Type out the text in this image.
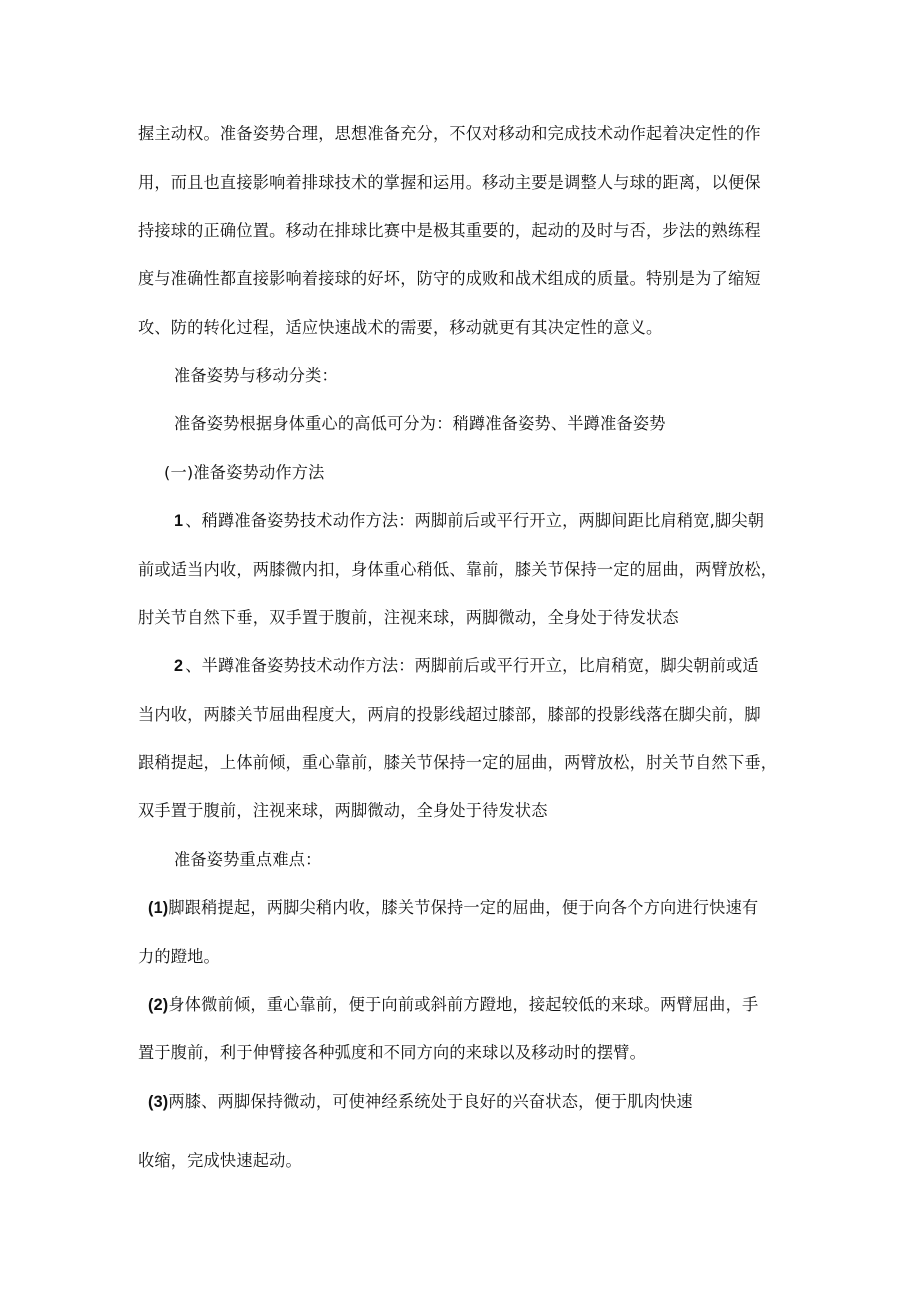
握主动权。准备姿势合理，思想准备充分，不仅对移动和完成技术动作起着决定性的作
用，而且也直接影响着排球技术的掌握和运用。移动主要是调整人与球的距离，以便保
持接球的正确位置。移动在排球比赛中是极其重要的，起动的及时与否，步法的熟练程
度与准确性都直接影响着接球的好坏，防守的成败和战术组成的质量。特别是为了缩短
攻、防的转化过程，适应快速战术的需要，移动就更有其决定性的意义。
准备姿势与移动分类：
准备姿势根据身体重心的高低可分为：稍蹲准备姿势、半蹲准备姿势
(一)准备姿势动作方法
1 、稍蹲准备姿势技术动作方法：两脚前后或平行开立，两脚间距比肩稍宽,脚尖朝
前或适当内收，两膝微内扣，身体重心稍低、靠前，膝关节保持一定的屈曲，两臂放松，
肘关节自然下垂，双手置于腹前，注视来球，两脚微动，全身处于待发状态
2 、半蹲准备姿势技术动作方法：两脚前后或平行开立，比肩稍宽，脚尖朝前或适
当内收，两膝关节屈曲程度大，两肩的投影线超过膝部，膝部的投影线落在脚尖前，脚
跟稍提起，上体前倾，重心靠前，膝关节保持一定的屈曲，两臂放松，肘关节自然下垂，
双手置于腹前，注视来球，两脚微动，全身处于待发状态
准备姿势重点难点：
(1)脚跟稍提起，两脚尖稍内收，膝关节保持一定的屈曲，便于向各个方向进行快速有
力的蹬地。
(2)身体微前倾，重心靠前，便于向前或斜前方蹬地，接起较低的来球。两臂屈曲，手
置于腹前，利于伸臂接各种弧度和不同方向的来球以及移动时的摆臂。
(3)两膝、两脚保持微动，可使神经系统处于良好的兴奋状态，便于肌肉快速
收缩，完成快速起动。
